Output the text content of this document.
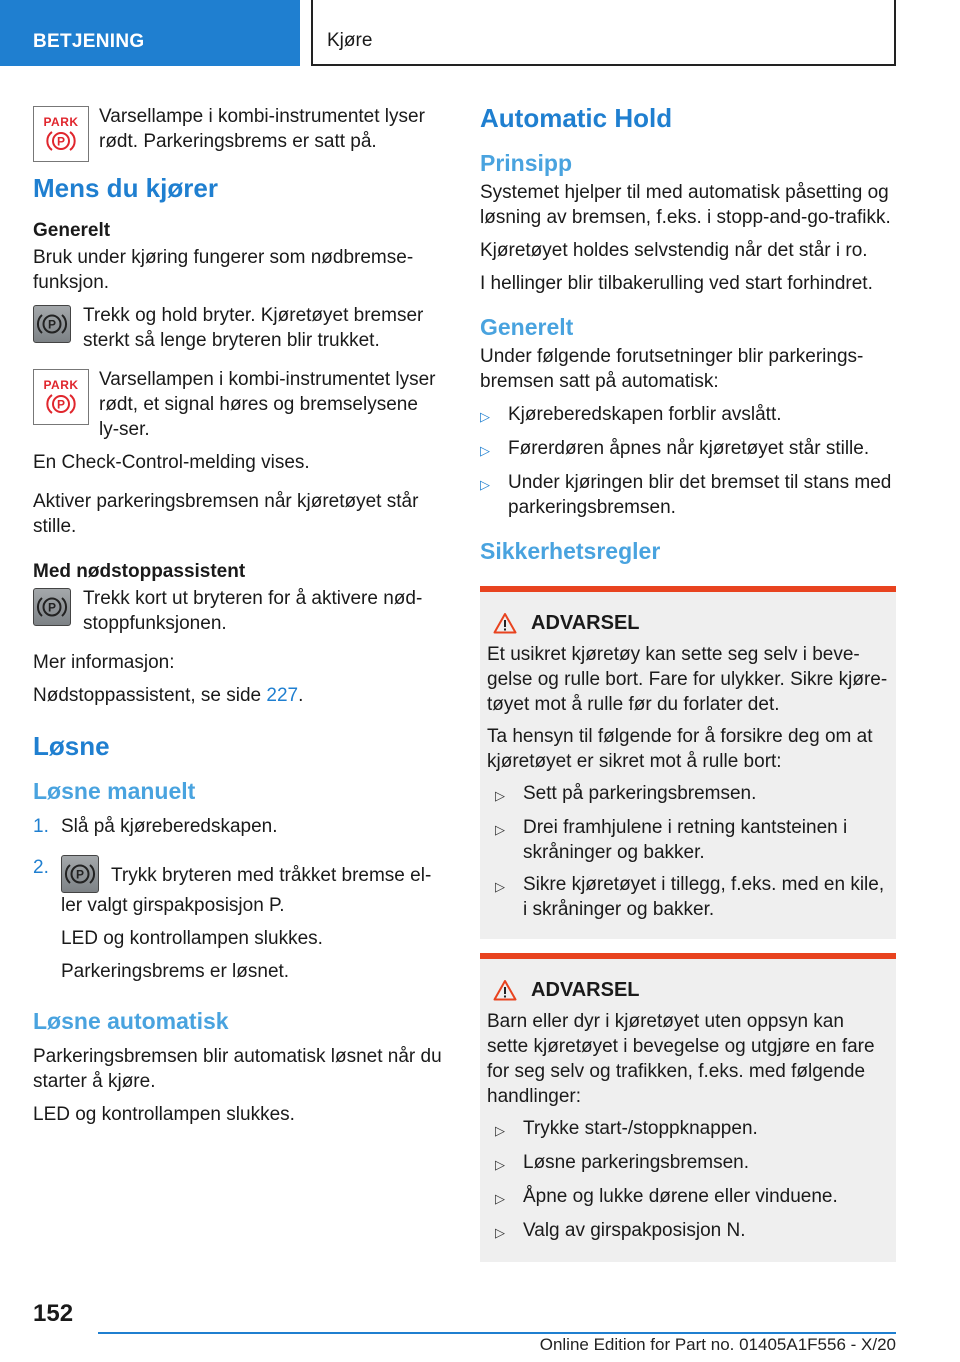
BETJENING	Kjøre
PARK
P

Varsellampe i kombi-instrumentet lyser rødt. Parkeringsbrems er satt på.

Mens du kjører
Generelt

Bruk under kjøring fungerer som nødbremse-funksjon.

P Trekk og hold bryter. Kjøretøyet bremser sterkt så lenge bryteren blir trukket.

PARK
P

Varsellampen i kombi-instrumentet lyser rødt, et signal høres og bremselysene ly-ser.

En Check-Control-melding vises.

Aktiver parkeringsbremsen når kjøretøyet står stille.

Med nødstoppassistent
P Trekk kort ut bryteren for å aktivere nød-stoppfunksjonen.

Mer informasjon:

Nødstoppassistent, se side 227.

Løsne
Løsne manuelt
1. Slå på kjøreberedskapen.
2.	P Trykk bryteren med tråkket bremse el-ler valgt girspakposisjon P.

LED og kontrollampen slukkes.

Parkeringsbrems er løsnet.

Løsne automatisk

Parkeringsbremsen blir automatisk løsnet når du starter å kjøre.

LED og kontrollampen slukkes.

Automatic Hold
Prinsipp

Systemet hjelper til med automatisk påsetting og løsning av bremsen, f.eks. i stopp-and-go-trafikk.

Kjøretøyet holdes selvstendig når det står i ro.

I hellinger blir tilbakerulling ved start forhindret.

Generelt

Under følgende forutsetninger blir parkerings-bremsen satt på automatisk:

▷ Kjøreberedskapen forblir avslått.
▷ Førerdøren åpnes når kjøretøyet står stille.
▷ Under kjøringen blir det bremset til stans med parkeringsbremsen.
Sikkerhetsregler
ADVARSEL

Et usikret kjøretøy kan sette seg selv i beve-gelse og rulle bort. Fare for ulykker. Sikre kjøre-tøyet mot å rulle før du forlater det.

Ta hensyn til følgende for å forsikre deg om at kjøretøyet er sikret mot å rulle bort:

▷ Sett på parkeringsbremsen.
▷ Drei framhjulene i retning kantsteinen i skråninger og bakker.
▷ Sikre kjøretøyet i tillegg, f.eks. med en kile, i skråninger og bakker.
ADVARSEL

Barn eller dyr i kjøretøyet uten oppsyn kan sette kjøretøyet i bevegelse og utgjøre en fare for seg selv og trafikken, f.eks. med følgende handlinger:

▷ Trykke start-/stoppknappen.
▷ Løsne parkeringsbremsen.
▷ Åpne og lukke dørene eller vinduene.
▷ Valg av girspakposisjon N.
152
Online Edition for Part no. 01405A1F556 - X/20
